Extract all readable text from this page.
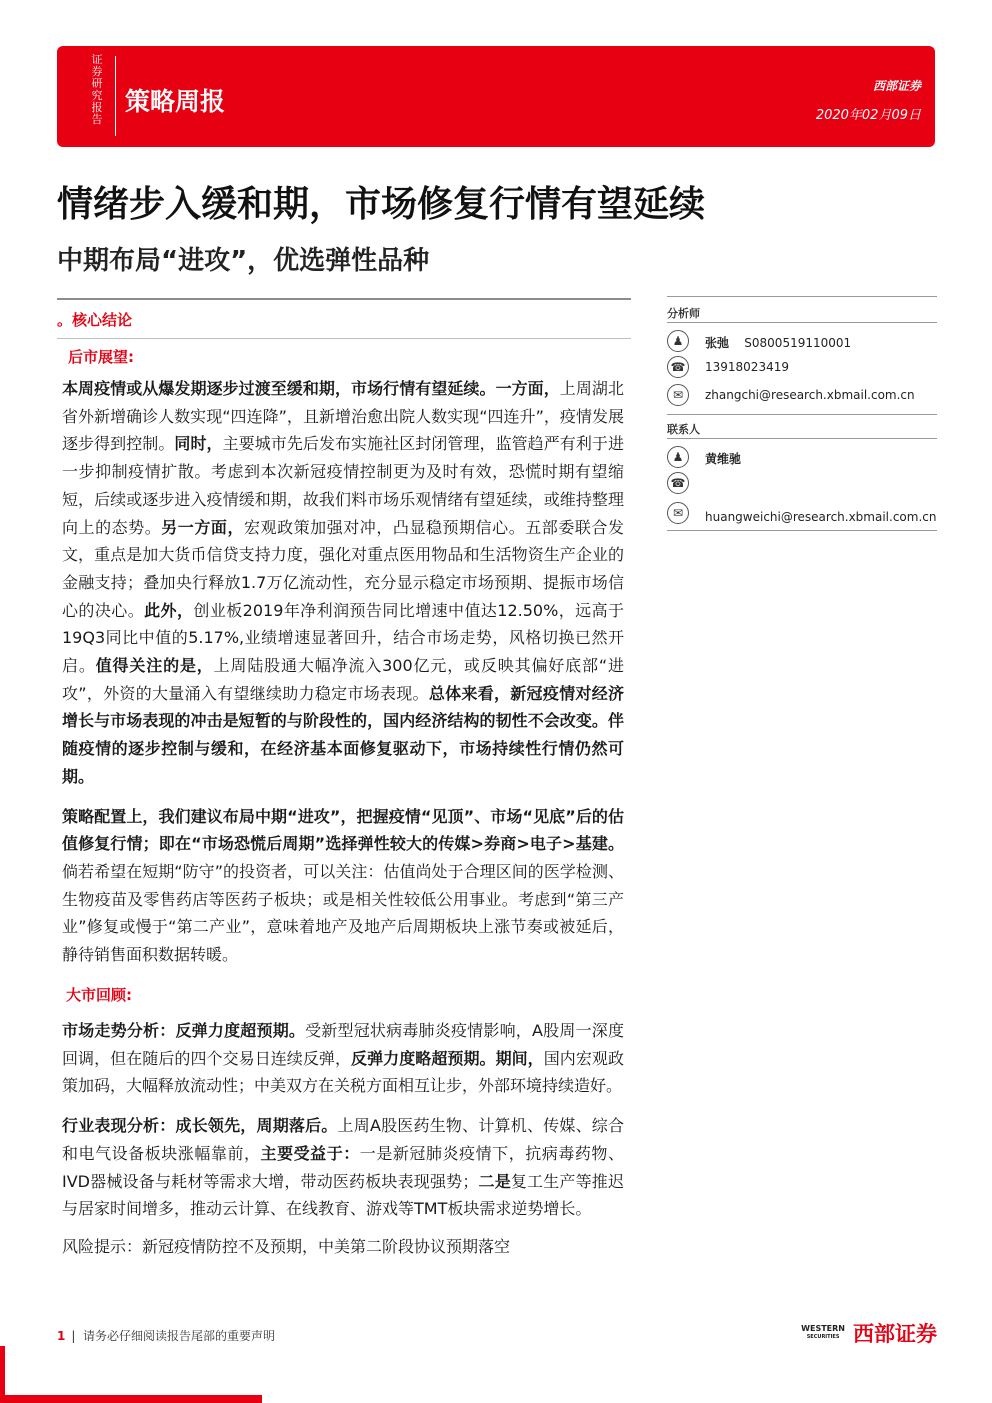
证券研究报告
策略周报
西部证券
2020年02月09日
情绪步入缓和期，市场修复行情有望延续
中期布局“进攻”，优选弹性品种
。核心结论
后市展望:
本周疫情或从爆发期逐步过渡至缓和期，市场行情有望延续。一方面，上周湖北省外新增确诊人数实现“四连降”，且新增治愈出院人数实现“四连升”，疫情发展逐步得到控制。同时，主要城市先后发布实施社区封闭管理，监管趋严有利于进一步抑制疫情扩散。考虑到本次新冠疫情控制更为及时有效，恐慌时期有望缩短，后续或逐步进入疫情缓和期，故我们料市场乐观情绪有望延续，或维持整理向上的态势。另一方面，宏观政策加强对冲，凸显稳预期信心。五部委联合发文，重点是加大货币信贷支持力度，强化对重点医用物品和生活物资生产企业的金融支持；叠加央行释放1.7万亿流动性，充分显示稳定市场预期、提振市场信心的决心。此外，创业板2019年净利润预告同比增速中值达12.50%，远高于19Q3同比中值的5.17%,业绩增速显著回升，结合市场走势，风格切换已然开启。值得关注的是，上周陆股通大幅净流入300亿元，或反映其偏好底部“进攻”，外资的大量涌入有望继续助力稳定市场表现。总体来看，新冠疫情对经济增长与市场表现的冲击是短暂的与阶段性的，国内经济结构的韧性不会改变。伴随疫情的逐步控制与缓和，在经济基本面修复驱动下，市场持续性行情仍然可期。
策略配置上，我们建议布局中期“进攻”，把握疫情“见顶”、市场“见底”后的估值修复行情；即在“市场恐慌后周期”选择弹性较大的传媒>券商>电子>基建。倘若希望在短期“防守”的投资者，可以关注：估值尚处于合理区间的医学检测、生物疫苗及零售药店等医药子板块；或是相关性较低公用事业。考虑到“第三产业”修复或慢于“第二产业”，意味着地产及地产后周期板块上涨节奏或被延后，静待销售面积数据转暖。
大市回顾:
市场走势分析：反弹力度超预期。受新型冠状病毒肺炎疫情影响，A股周一深度回调，但在随后的四个交易日连续反弹，反弹力度略超预期。期间，国内宏观政策加码，大幅释放流动性；中美双方在关税方面相互让步，外部环境持续造好。
行业表现分析：成长领先，周期落后。上周A股医药生物、计算机、传媒、综合和电气设备板块涨幅靠前，主要受益于：一是新冠肺炎疫情下，抗病毒药物、IVD器械设备与耗材等需求大增，带动医药板块表现强势；二是复工生产等推迟与居家时间增多，推动云计算、在线教育、游戏等TMT板块需求逆势增长。
风险提示：新冠疫情防控不及预期，中美第二阶段协议预期落空
分析师
♟	张弛 S0800519110001
☎ 13918023419
✉	zhangchi@research.xbmail.com.cn
联系人
♟	黄维驰
☎
✉	huangweichi@research.xbmail.com.cn
1 |  请务必仔细阅读报告尾部的重要声明
WESTERN
SECURITIES 西部证券
